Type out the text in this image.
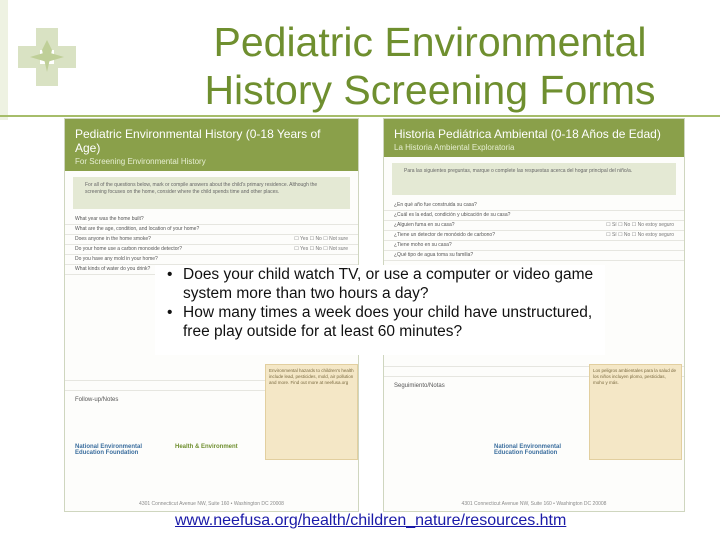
Pediatric Environmental
History Screening Forms
Pediatric Environmental History (0-18 Years of Age)
For Screening Environmental History
For all of the questions below, mark or compile answers about the child's primary residence. Although the screening focuses on the home, consider where the child spends time and other places.
What year was the home built?
What are the age, condition, and location of your home?
Does anyone in the home smoke?	☐ Yes ☐ No ☐ Not sure
Do your home use a carbon monoxide detector?	☐ Yes ☐ No ☐ Not sure
Do you have any mold in your home?
What kinds of water do you drink?

Follow-up/Notes
Environmental hazards to children's health include lead, pesticides, mold, air pollution and more. Find out more at neefusa.org
National Environmental Education Foundation
Health & Environment
4301 Connecticut Avenue NW, Suite 160 • Washington DC 20008
Historia Pediátrica Ambiental (0-18 Años de Edad)
La Historia Ambiental Exploratoria
Para las siguientes preguntas, marque o complete las respuestas acerca del hogar principal del niño/a.
¿En qué año fue construida su casa?
¿Cuál es la edad, condición y ubicación de su casa?
¿Alguien fuma en su casa?	☐ Sí ☐ No ☐ No estoy seguro
¿Tiene un detector de monóxido de carbono?	☐ Sí ☐ No ☐ No estoy seguro
¿Tiene moho en su casa?
¿Qué tipo de agua toma su familia?

Seguimiento/Notas
Los peligros ambientales para la salud de los niños incluyen plomo, pesticidas, moho y más.
National Environmental Education Foundation
4301 Connecticut Avenue NW, Suite 160 • Washington DC 20008
• Does your child watch TV, or use a computer or video game system more than two hours a day?
• How many times a week does your child have unstructured, free play outside for at least 60 minutes?
www.neefusa.org/health/children_nature/resources.htm
